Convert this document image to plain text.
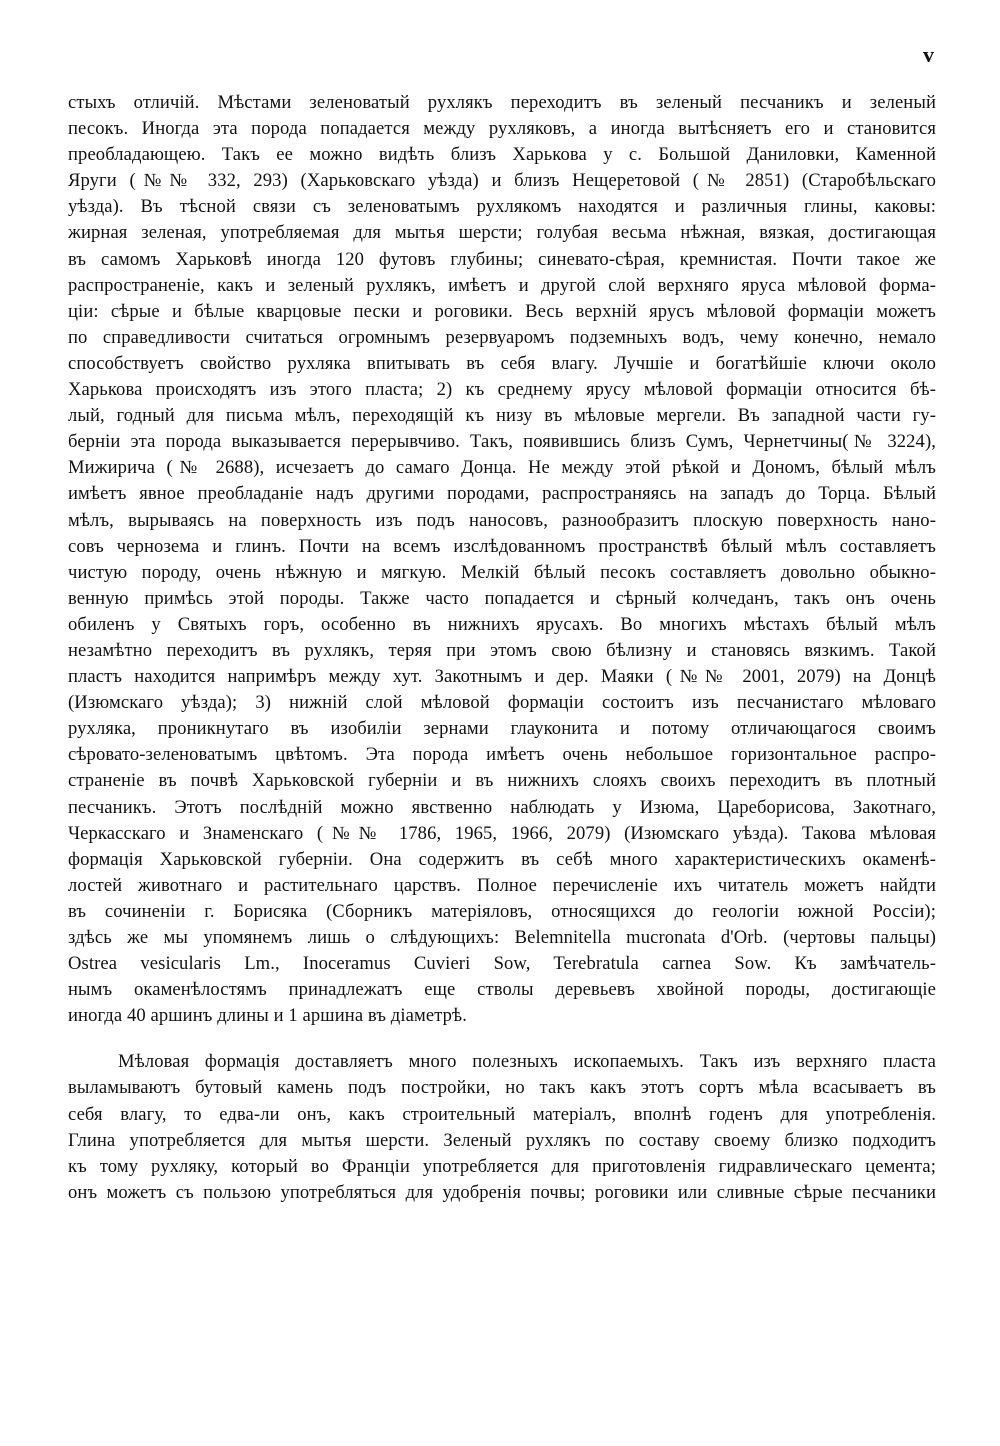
v
стыхъ отличій. Мѣстами зеленоватый рухлякъ переходитъ въ зеленый песчаникъ и зеленый
песокъ. Иногда эта порода попадается между рухляковъ, а иногда вытѣсняетъ его и становится
преобладающею. Такъ ее можно видѣть близъ Харькова у с. Большой Даниловки, Каменной
Яруги (№№ 332, 293) (Харьковскаго уѣзда) и близъ Нещеретовой (№ 2851) (Старобѣльскаго
уѣзда). Въ тѣсной связи съ зеленоватымъ рухлякомъ находятся и различныя глины, каковы:
жирная зеленая, употребляемая для мытья шерсти; голубая весьма нѣжная, вязкая, достигающая
въ самомъ Харьковѣ иногда 120 футовъ глубины; синевато-сѣрая, кремнистая. Почти такое же
распространеніе, какъ и зеленый рухлякъ, имѣетъ и другой слой верхняго яруса мѣловой форма-
ціи: сѣрые и бѣлые кварцовые пески и роговики. Весь верхній ярусъ мѣловой формаціи можетъ
по справедливости считаться огромнымъ резервуаромъ подземныхъ водъ, чему конечно, немало
способствуетъ свойство рухляка впитывать въ себя влагу. Лучшіе и богатѣйшіе ключи около
Харькова происходятъ изъ этого пласта; 2) къ среднему ярусу мѣловой формаціи относится бѣ-
лый, годный для письма мѣлъ, переходящій къ низу въ мѣловые мергели. Въ западной части гу-
берніи эта порода выказывается перерывчиво. Такъ, появившись близъ Сумъ, Чернетчины(№ 3224),
Мижирича (№ 2688), исчезаетъ до самаго Донца. Не между этой рѣкой и Дономъ, бѣлый мѣлъ
имѣетъ явное преобладаніе надъ другими породами, распространяясь на западъ до Торца. Бѣлый
мѣлъ, вырываясь на поверхность изъ подъ наносовъ, разнообразитъ плоскую поверхность нано-
совъ чернозема и глинъ. Почти на всемъ изслѣдованномъ пространствѣ бѣлый мѣлъ составляетъ
чистую породу, очень нѣжную и мягкую. Мелкій бѣлый песокъ составляетъ довольно обыкно-
венную примѣсь этой породы. Также часто попадается и сѣрный колчеданъ, такъ онъ очень
обиленъ у Святыхъ горъ, особенно въ нижнихъ ярусахъ. Во многихъ мѣстахъ бѣлый мѣлъ
незамѣтно переходитъ въ рухлякъ, теряя при этомъ свою бѣлизну и становясь вязкимъ. Такой
пластъ находится напримѣръ между хут. Закотнымъ и дер. Маяки (№№ 2001, 2079) на Донцѣ
(Изюмскаго уѣзда); 3) нижній слой мѣловой формаціи состоитъ изъ песчанистаго мѣловаго
рухляка, проникнутаго въ изобиліи зернами глауконита и потому отличающагося своимъ
сѣровато-зеленоватымъ цвѣтомъ. Эта порода имѣетъ очень небольшое горизонтальное распро-
страненіе въ почвѣ Харьковской губерніи и въ нижнихъ слояхъ своихъ переходитъ въ плотный
песчаникъ. Этотъ послѣдній можно явственно наблюдать у Изюма, Цареборисова, Закотнаго,
Черкасскаго и Знаменскаго (№№ 1786, 1965, 1966, 2079) (Изюмскаго уѣзда). Такова мѣловая
формація Харьковской губерніи. Она содержитъ въ себѣ много характеристическихъ окаменѣ-
лостей животнаго и растительнаго царствъ. Полное перечисленіе ихъ читатель можетъ найдти
въ сочиненіи г. Борисяка (Сборникъ матеріяловъ, относящихся до геологіи южной Россіи);
здѣсь же мы упомянемъ лишь о слѣдующихъ: Belemnitella mucronata d'Orb. (чертовы пальцы)
Ostrea vesicularis Lm., Inoceramus Cuvieri Sow, Terebratula carnea Sow. Къ замѣчатель-
нымъ окаменѣлостямъ принадлежатъ еще стволы деревьевъ хвойной породы, достигающіе
иногда 40 аршинъ длины и 1 аршина въ діаметрѣ.
Мѣловая формація доставляетъ много полезныхъ ископаемыхъ. Такъ изъ верхняго пласта
выламываютъ бутовый камень подъ постройки, но такъ какъ этотъ сортъ мѣла всасываетъ въ
себя влагу, то едва-ли онъ, какъ строительный матеріалъ, вполнѣ годенъ для употребленія.
Глина употребляется для мытья шерсти. Зеленый рухлякъ по составу своему близко подходитъ
къ тому рухляку, который во Франціи употребляется для приготовленія гидравлическаго цемента;
онъ можетъ съ пользою употребляться для удобренія почвы; роговики или сливные сѣрые песчаники
